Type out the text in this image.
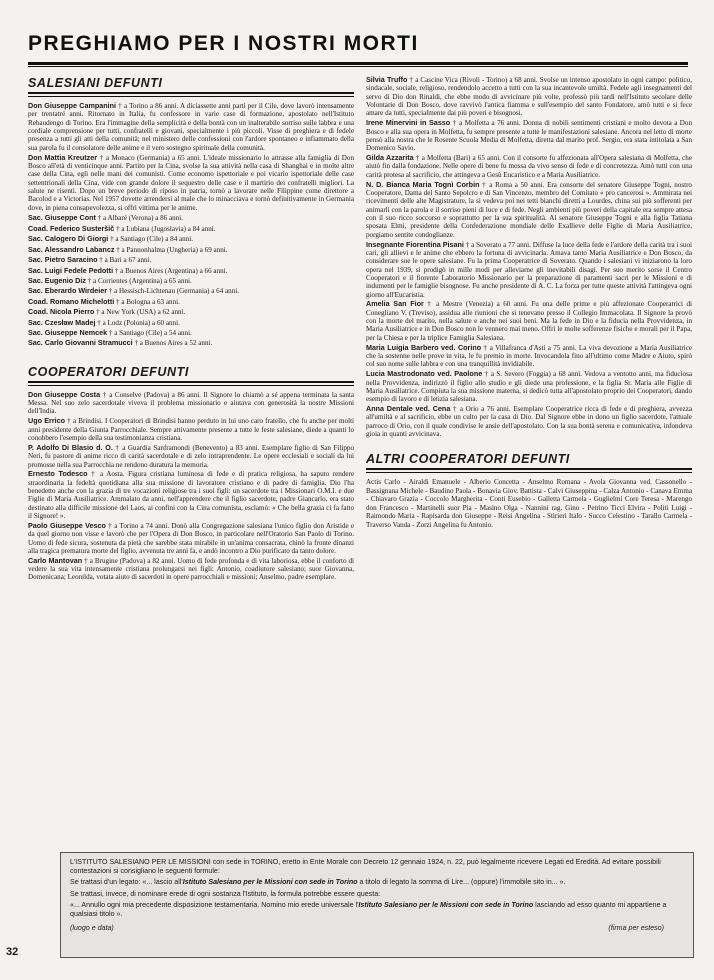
PREGHIAMO PER I NOSTRI MORTI
SALESIANI DEFUNTI
Don Giuseppe Campanini † a Torino a 86 anni. A diciassette anni partì per il Cile, dove lavorò intensamente per trentatré anni. Ritornato in Italia, fu confessore in varie case di formazione, apostolato nell'Istituto Rebaudengo di Torino. Era l'immagine della semplicità e della bontà con un inalterabile sorriso sulle labbra e una cordiale comprensione per tutti, confratelli e giovani, specialmente i più piccoli. Visse di preghiera e di fedele presenza a tutti gli atti della comunità; nel ministero delle confessioni con l'ardore spontaneo e infiammato della sua parola fu il consolatore delle anime e il vero sostegno spirituale della comunità.
Don Mattia Kreutzer † a Monaco (Germania) a 65 anni. L'ideale missionario lo attrasse alla famiglia di Don Bosco all'età di venticinque anni. Partito per la Cina, svolse la sua attività nella casa di Shanghai e in molte altre case della Cina, egli nelle mani dei comunisti. Come economo ispettoriale e poi vicario ispettoriale delle case settentrionali della Cina, vide con grande dolore il sequestro delle case e il martirio dei confratelli migliori. La salute ne risentì. Dopo un breve periodo di riposo in patria, tornò a lavorare nelle Filippine come direttore a Bacolod e a Victorias. Nel 1957 dovette arrendersi al male che lo minacciava e tornò definitivamente in Germania dove, in piena consapevolezza, si offrì vittima per le anime.
Sac. Giuseppe Cont † a Albaré (Verona) a 86 anni.
Coad. Federico Susteršič † a Lubiana (Jugoslavia) a 84 anni.
Sac. Calogero Di Giorgi † a Santiago (Cile) a 84 anni.
Sac. Alessandro Labancz † a Pannonhalma (Ungheria) a 69 anni.
Sac. Pietro Saracino † a Bari a 67 anni.
Sac. Luigi Fedele Pedotti † a Buenos Aires (Argentina) a 66 anni.
Sac. Eugenio Diz † a Corrientes (Argentina) a 65 anni.
Sac. Eberardo Wirdeier † a Hessisch-Lichtenau (Germania) a 64 anni.
Coad. Romano Michelotti † a Bologna a 63 anni.
Coad. Nicola Pierro † a New York (USA) a 62 anni.
Sac. Czesław Madej † a Lodz (Polonia) a 60 anni.
Sac. Giuseppe Nemcek † a Santiago (Cile) a 54 anni.
Sac. Carlo Giovanni Stramucci † a Buenos Aires a 52 anni.
COOPERATORI DEFUNTI
Don Giuseppe Costa † a Conselve (Padova) a 86 anni. Il Signore lo chiamò a sé appena terminata la santa Messa. Nel suo zelo sacerdotale viveva il problema missionario e aiutava con generosità la nostre Missioni dell'India.
Ugo Errico † a Brindisi. I Cooperatori di Brindisi hanno perduto in lui uno caro fratello, che fu anche per molti anni presidente della Giunta Parrocchiale. Sempre attivamente presente a tutte le feste salesiane, diede a quanti lo conobbero l'esempio della sua testimonianza cristiana.
P. Adolfo Di Blasio d. O. † a Guardia Sanframondi (Benevento) a 83 anni. Esemplare figlio di San Filippo Neri, fu pastore di anime ricco di carità sacerdotale e di zelo intraprendente. Le opere ecclesiali e sociali da lui promosse nella sua Parrocchia ne rendono duratura la memoria.
Ernesto Todesco † a Aosta. Figura cristiana luminosa di fede e di pratica religiosa, ha saputo rendere straordinaria la fedeltà quotidiana alla sua missione di lavoratore cristiano e di padre di famiglia. Dio l'ha benedetto anche con la grazia di tre vocazioni religiose tra i suoi figli: un sacerdote tra i Missionari O.M.I. e due Figlie di Maria Ausiliatrice. Ammalato da anni, nell'apprendere che il figlio sacerdote, padre Giancarlo, era stato destinato alla difficile missione del Laos, ai confini con la Cina comunista, esclamò: « Che bella grazia ci fa fatto il Signore! ».
Paolo Giuseppe Vesco † a Torino a 74 anni. Donò alla Congregazione salesiana l'unico figlio don Aristide e da quel giorno non visse e lavorò che per l'Opera di Don Bosco, in particolare nell'Oratorio San Paolo di Torino. Uomo di fede sicura, sostenuta da pietà che sarebbe stata mirabile in un'anima consacrata, chinò la fronte dinanzi alla tragica prematura morte del figlio, avvenuta tre anni fa, e andò incontro a Dio purificato da tanto dolore.
Carlo Mantovan † a Brugine (Padova) a 82 anni. Uomo di fede profonda e di vita laboriosa, ebbe il conforto di vedere la sua vita intensamente cristiana prolungarsi nei figli: Antonio, coadiutore salesiano; suor Giovanna, Domenicana; Leonilda, votata aiuto di sacerdoti in opere parrocchiali e missioni; Anselmo, padre esemplare.
Silvia Truffo † a Cascine Vica (Rivoli - Torino) a 68 anni. Svolse un intenso apostolato in ogni campo: politico, sindacale, sociale, religioso, rendendolo accetto a tutti con la sua incantevole umiltà. Fedele agli insegnamenti del servo di Dio don Rinaldi, che ebbe modo di avvicinare più volte, professò più tardi nell'Istituto secolare delle Volontarie di Don Bosco, dove ravvivò l'antica fiamma e sull'esempio del santo Fondatore, amò tutti e si fece amare da tutti, specialmente dai più poveri e bisognosi.
Irene Minervini in Sasso † a Molfetta a 76 anni. Donna di nobili sentimenti cristiani e molto devota a Don Bosco e alla sua opera in Molfetta, fu sempre presente a tutte le manifestazioni salesiane. Ancora nel letto di morte pensò alla nostra che le Rosente Scuola Media di Molfetta, diretta dal marito prof. Sergio, era stata intitolata a San Domenico Savio.
Gilda Azzarita † a Molfetta (Bari) a 65 anni. Con il consorte fu affezionata all'Opera salesiana di Molfetta, che aiutò fin dalla fondazione. Nelle opere di bene fu mossa da vivo senso di fede e di concretezza. Amò tutti con una carità protesa al sacrificio, che attingeva a Gesù Eucaristico e a Maria Ausiliatrice.
N. D. Bianca Maria Tognì Corbin † a Roma a 50 anni. Era consorte del senatore Giuseppe Togni, nostro Cooperatore, Dama del Santo Sepolcro e di San Vincenzo, membro del Comitato « pro cancerosi ». Ammirata nei ricevimenti delle alte Magistrature, la si vedeva poi nei tetti bianchi diretti a Lourdes, china sui più sofferenti per animarli con la parola e il sorriso pieni di luce e di fede. Negli ambienti più poveri della capitale era sempre attesa con il suo ricco soccorso e soprattutto per la sua spiritualità. Al senatore Giuseppe Togni e alla figlia Tatiana sposata Elmi, presidente della Confederazione mondiale delle Exallieve delle Figlie di Maria Ausiliatrice, porgiamo sentite condoglianze.
Insegnante Fiorentina Pisani † a Soverato a 77 anni. Diffuse la luce della fede e l'ardore della carità tra i suoi cari, gli allievi e le anime che ebbero la fortuna di avvicinarla. Amava tanto Maria Ausiliatrice e Don Bosco, da considerare sue le opere salesiane. Fu la prima Cooperatrice di Soverato. Quando i salesiani vi iniziarono la loro opera nel 1939, si prodigò in mille modi per alleviarne gli inevitabili disagi. Per suo merito sorse il Centro Cooperatori e il fiorente Laboratorio Missionario per la preparazione di paramenti sacri per le Missioni e di indumenti per le famiglie bisognose. Fu anche presidente di A. C. La forza per tutte queste attività l'attingeva ogni giorno all'Eucaristia.
Amelia San Fior † a Mestre (Venezia) a 60 anni. Fu una delle prime e più affezionate Cooperatrici di Conegliano V. (Treviso), assidua alle riunioni che si tenevano presso il Collegio Immacolata. Il Signore la provò con la morte del marito, nella salute e anche nei suoi beni. Ma la fede in Dio e la fiducia nella Provvidenza, in Maria Ausiliatrice e in Don Bosco non le vennero mai meno. Offrì le molte sofferenze fisiche e morali per il Papa, per la Chiesa e per la triplice Famiglia Salesiana.
Maria Luigia Barbero ved. Corino † a Villafranca d'Asti a 75 anni. La viva devozione a Maria Ausiliatrice che la sostenne nelle prove in vita, le fu premio in morte. Invocandola fino all'ultimo come Madre e Aiuto, spirò col suo nome sulle labbra e con una tranquillità invidiabile.
Lucia Mastrodonato ved. Paolone † a S. Severo (Foggia) a 68 anni. Vedova a ventotto anni, ma fiduciosa nella Provvidenza, indirizzò il figlio allo studio e gli diede una professione, e la figlia Sr. Maria alle Figlie di Maria Ausiliatrice. Compiuta la sua missione materna, si dedicò tutta all'apostolato proprio dei Cooperatori, dando esempio di lavoro e di letizia salesiana.
Anna Dentale ved. Cena † a Orio a 76 anni. Esemplare Cooperatrice ricca di fede e di preghiera, avvezza all'umiltà e al sacrificio, ebbe un culto per la casa di Dio. Dal Signore ebbe in dono un figlio sacerdote, l'attuale parroco di Orio, con il quale condivise le ansie dell'apostolato. Con la sua bontà serena e comunicativa, infondeva gioia in quanti avvicinava.
ALTRI COOPERATORI DEFUNTI
Actis Carlo - Airaldi Emanuele - Alberio Concetta - Anselmo Romana - Avola Giovanna ved. Cassonello - Bassignana Michele - Baudino Paola - Bonavia Giov. Battista - Calvi Giuseppina - Calza Antonio - Canava Emma - Chiavaro Grazia - Coccolo Margherita - Conti Eusebio - Galletta Carmela - Guglielmi Core Teresa - Marengo don Francesco - Martinelli suor Pia - Masino Olga - Nannini rag. Gino - Petrino Ticci Elvira - Politi Luigi - Raimondo Maria - Rapisarda don Giuseppe - Reisi Angelina - Stirieri Italo - Succo Celestino - Tarallo Carmela - Traverso Vanda - Zorzi Angelina fu Antonio.

L'ISTITUTO SALESIANO PER LE MISSIONI con sede in TORINO, eretto in Ente Morale con Decreto 12 gennaio 1924, n. 22, può legalmente ricevere Legati ed Eredità. Ad evitare possibili contestazioni si consigliano le seguenti formule:

Se trattasi d'un legato: «... lascio all'Istituto Salesiano per le Missioni con sede in Torino a titolo di legato la somma di Lire... (oppure) l'immobile sito in... ».

Se trattasi, invece, di nominare erede di ogni sostanza l'Istituto, la formula potrebbe essere questa:

«... Annullo ogni mia precedente disposizione testamentaria. Nomino mio erede universale l'Istituto Salesiano per le Missioni con sede in Torino lasciando ad esso quanto mi appartiene a qualsiasi titolo ».

(luogo e data)	(firma per esteso)
32
